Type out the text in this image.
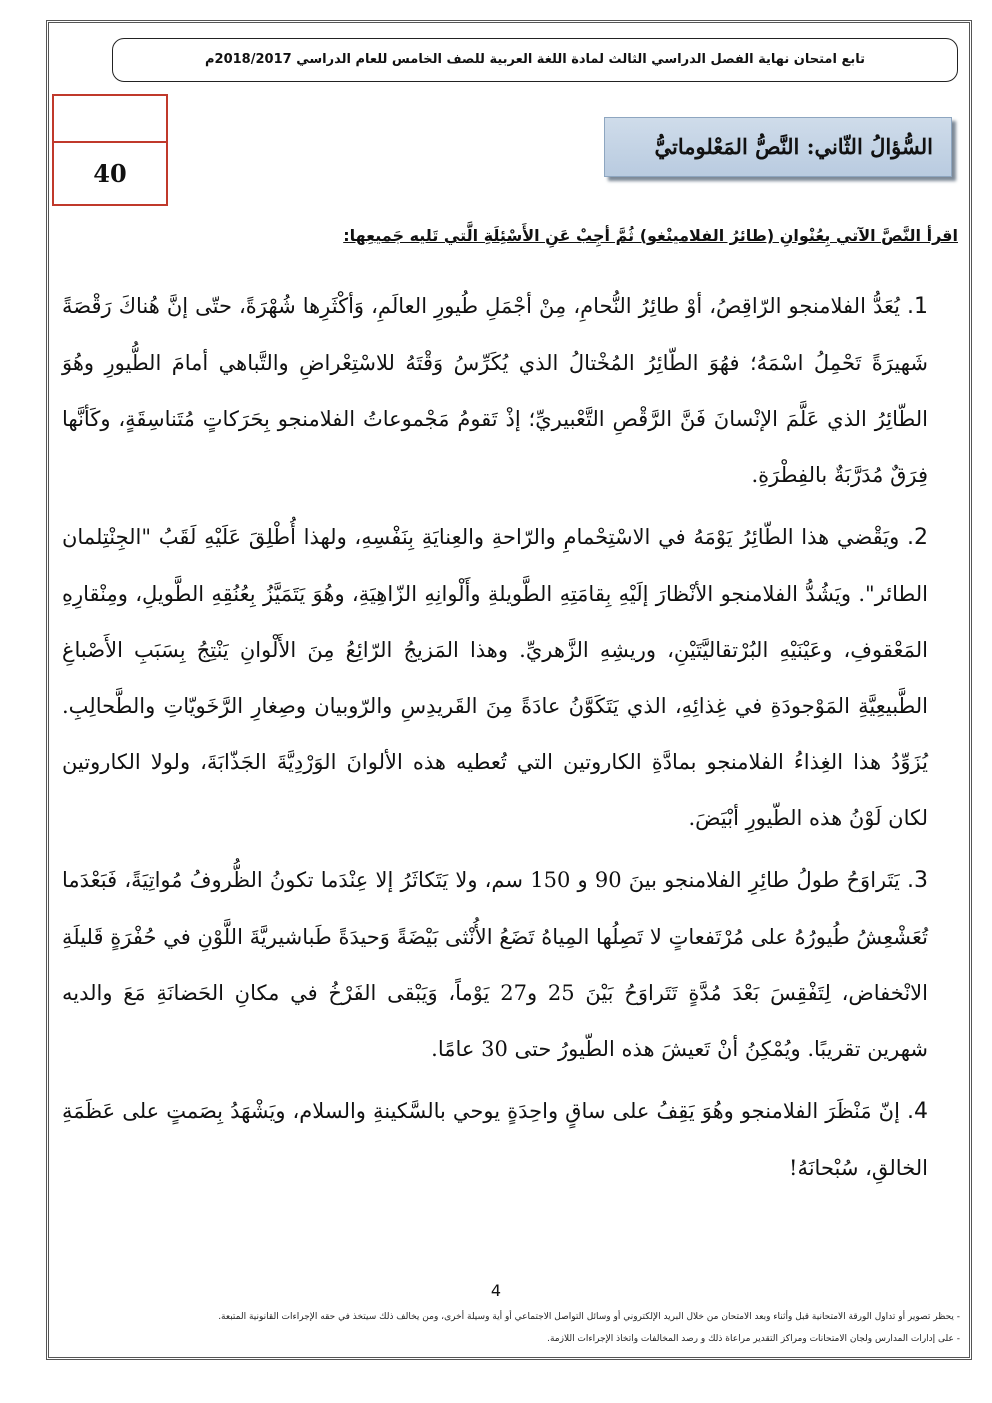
تابع امتحان نهاية الفصل الدراسي الثالث لمادة اللغة العربية للصف الخامس للعام الدراسي 2018/2017م
40
السُّؤالُ الثّاني: النَّصُّ المَعْلوماتيُّ
اقرأ النَّصَّ الآتي بِعُنْوانِ (طائرُ الفلامينْغو) ثُمَّ أجِبْ عَنِ الأَسْئِلَةِ الَّتي تَليه جَميعِها:

1. يُعَدُّ الفلامنجو الرّاقِصُ، أوْ طائِرُ النُّحامِ، مِنْ أجْمَلِ طُيورِ العالَمِ، وَأكْثَرِها شُهْرَةً، حتّى إنَّ هُناكَ رَقْصَةً شَهيرَةً تَحْمِلُ اسْمَهُ؛ فهُوَ الطّائِرُ المُخْتالُ الذي يُكَرِّسُ وَقْتَهُ للاسْتِعْراضِ والتَّباهي أمامَ الطُّيورِ وهُوَ الطّائِرُ الذي عَلَّمَ الإنْسانَ فَنَّ الرَّقْصِ التَّعْبيريِّ؛ إذْ تَقومُ مَجْموعاتُ الفلامنجو بِحَرَكاتٍ مُتَناسِقَةٍ، وكَأنَّها فِرَقٌ مُدَرَّبَةٌ بالفِطْرَةِ.

2. ويَقْضي هذا الطّائِرُ يَوْمَهُ في الاسْتِحْمامِ والرّاحةِ والعِنايَةِ بِنَفْسِهِ، ولهذا أُطْلِقَ عَلَيْهِ لَقَبُ "الجِنْتِلمان الطائر". ويَشُدُّ الفلامنجو الأنْظارَ إلَيْهِ بِقامَتِهِ الطَّويلةِ وأَلْوانِهِ الزّاهِيَةِ، وهُوَ يَتَمَيَّزُ بِعُنُقِهِ الطَّويلِ، ومِنْقارِهِ المَعْقوفِ، وعَيْنَيْهِ البُرْتقاليَّتَيْنِ، وريشِهِ الزَّهريِّ. وهذا المَزيجُ الرّائِعُ مِنَ الأَلْوانِ يَنْتِجُ بِسَبَبِ الأَصْباغِ الطَّبيعِيَّةِ المَوْجودَةِ في غِذائِهِ، الذي يَتَكَوَّنُ عادَةً مِنَ القَريدِسِ والرّوبيان وصِغارِ الرَّخَويّاتِ والطَّحالِبِ. يُزَوِّدُ هذا الغِذاءُ الفلامنجو بمادَّةِ الكاروتين التي تُعطيه هذه الألوانَ الوَرْدِيَّةَ الجَذّابَةَ، ولولا الكاروتين لكان لَوْنُ هذه الطّيورِ أبْيَضَ.

3. يَتَراوَحُ طولُ طائِرِ الفلامنجو بينَ 90 و 150 سم، ولا يَتَكاثَرُ إلا عِنْدَما تكونُ الظُّروفُ مُواتِيَةً، فَبَعْدَما تُعَشْعِشُ طُيورُهُ على مُرْتَفعاتٍ لا تَصِلُها المِياهُ تَضَعُ الأُنْثى بَيْضَةً وَحيدَةً طَباشيريَّةَ اللَّوْنِ في حُفْرَةٍ قَليلَةِ الانْخفاض، لِتَفْقِسَ بَعْدَ مُدَّةٍ تَتَراوَحُ بَيْنَ 25 و27 يَوْماً، وَيَبْقى الفَرْخُ في مكانِ الحَضانَةِ مَعَ والديه شهرين تقريبًا. ويُمْكِنُ أنْ تَعيشَ هذه الطّيورُ حتى 30 عامًا.

4. إنّ مَنْظَرَ الفلامنجو وهُوَ يَقِفُ على ساقٍ واحِدَةٍ يوحي بالسَّكينةِ والسلام، ويَشْهَدُ بِصَمتٍ على عَظَمَةِ الخالقِ، سُبْحانَهُ!

4
- يحظر تصوير أو تداول الورقة الامتحانية قبل وأثناء وبعد الامتحان من خلال البريد الإلكتروني أو وسائل التواصل الاجتماعي أو أية وسيلة أخرى، ومن يخالف ذلك سيتخذ في حقه الإجراءات القانونية المتبعة.
- على إدارات المدارس ولجان الامتحانات ومراكز التقدير مراعاة ذلك و رصد المخالفات واتخاذ الإجراءات اللازمة.
